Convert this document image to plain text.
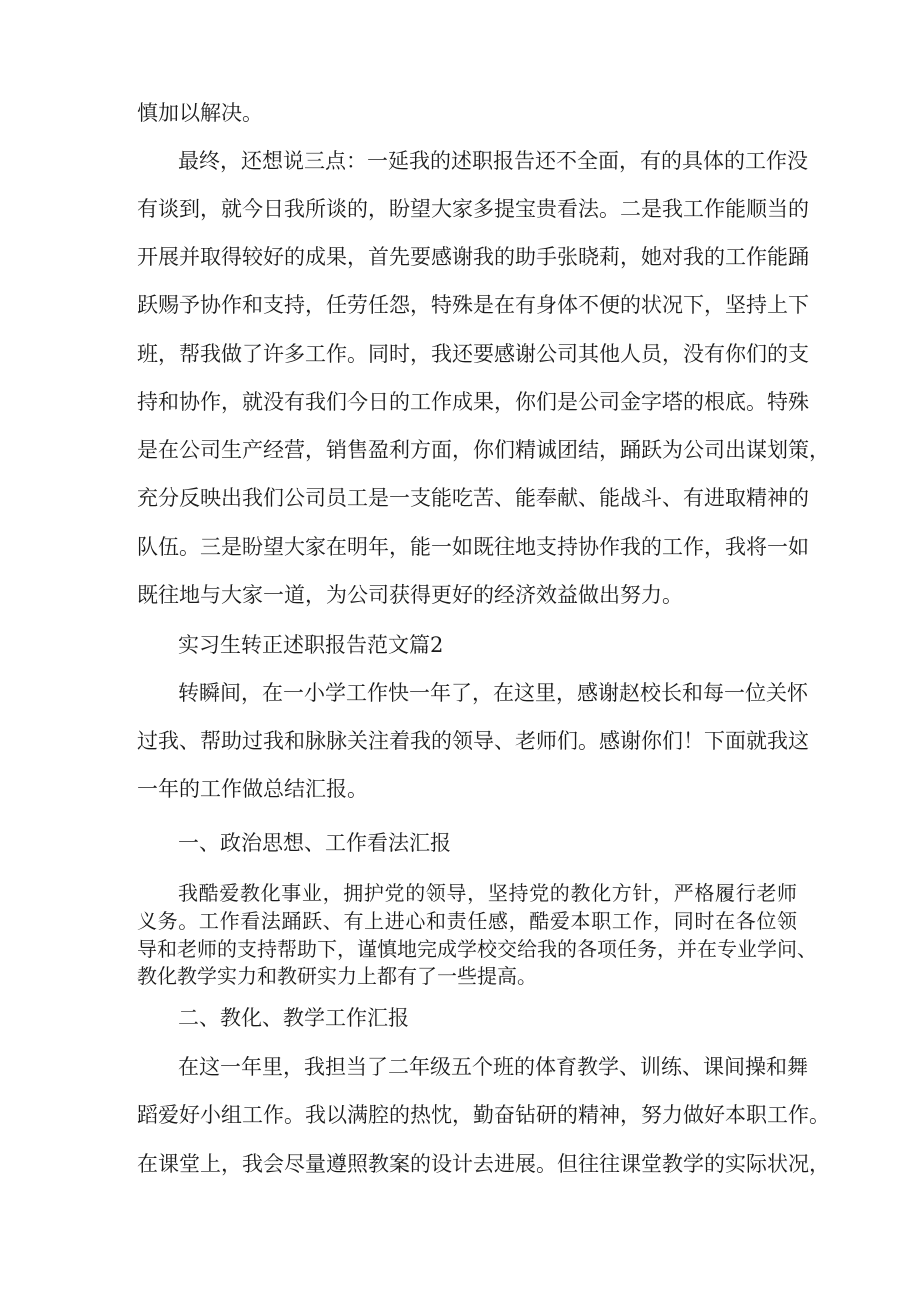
慎加以解决。
最终，还想说三点：一延我的述职报告还不全面，有的具体的工作没
有谈到，就今日我所谈的，盼望大家多提宝贵看法。二是我工作能顺当的
开展并取得较好的成果，首先要感谢我的助手张晓莉，她对我的工作能踊
跃赐予协作和支持，任劳任怨，特殊是在有身体不便的状况下，坚持上下
班，帮我做了许多工作。同时，我还要感谢公司其他人员，没有你们的支
持和协作，就没有我们今日的工作成果，你们是公司金字塔的根底。特殊
是在公司生产经营，销售盈利方面，你们精诚团结，踊跃为公司出谋划策，
充分反映出我们公司员工是一支能吃苦、能奉献、能战斗、有进取精神的
队伍。三是盼望大家在明年，能一如既往地支持协作我的工作，我将一如
既往地与大家一道，为公司获得更好的经济效益做出努力。
实习生转正述职报告范文篇2
转瞬间，在一小学工作快一年了，在这里，感谢赵校长和每一位关怀
过我、帮助过我和脉脉关注着我的领导、老师们。感谢你们！下面就我这
一年的工作做总结汇报。
一、政治思想、工作看法汇报
我酷爱教化事业，拥护党的领导，坚持党的教化方针，严格履行老师
义务。工作看法踊跃、有上进心和责任感，酷爱本职工作，同时在各位领
导和老师的支持帮助下，谨慎地完成学校交给我的各项任务，并在专业学问、
教化教学实力和教研实力上都有了一些提高。
二、教化、教学工作汇报
在这一年里，我担当了二年级五个班的体育教学、训练、课间操和舞
蹈爱好小组工作。我以满腔的热忱，勤奋钻研的精神，努力做好本职工作。
在课堂上，我会尽量遵照教案的设计去进展。但往往课堂教学的实际状况，
